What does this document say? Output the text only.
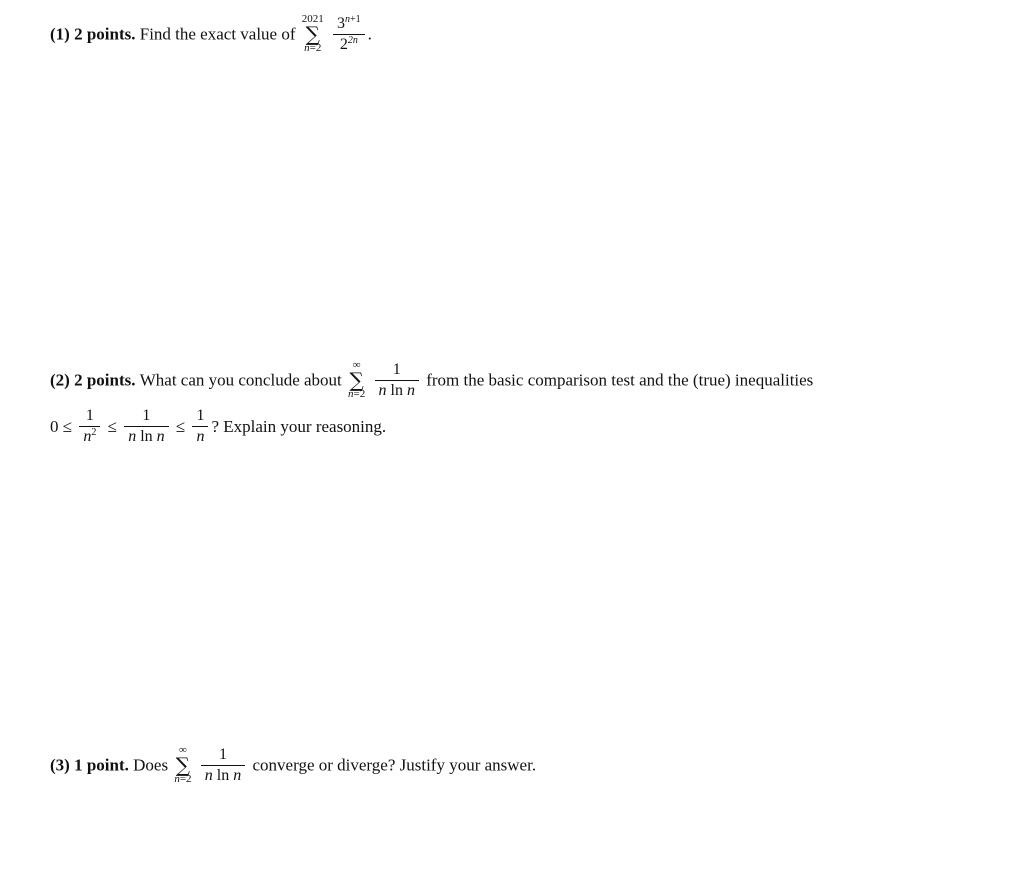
(1) 2 points. Find the exact value of
2021
∑
n=2
$\frac{3^{n+1}}{2^{2n}}$ .
(2) 2 points. What can you conclude about
∞
∑
n=2
$\frac{1}{\text{n ln n}}$ from the basic comparison test and the (true) inequalities
$0 \le \frac{1}{n^2} \le \frac{1}{\text{n ln n}} \le \frac{1}{n}$ ? Explain your reasoning.
(3) 1 point. Does
∞
∑
n=2
$\frac{1}{\text{n ln n}}$ converge or diverge? Justify your answer.
